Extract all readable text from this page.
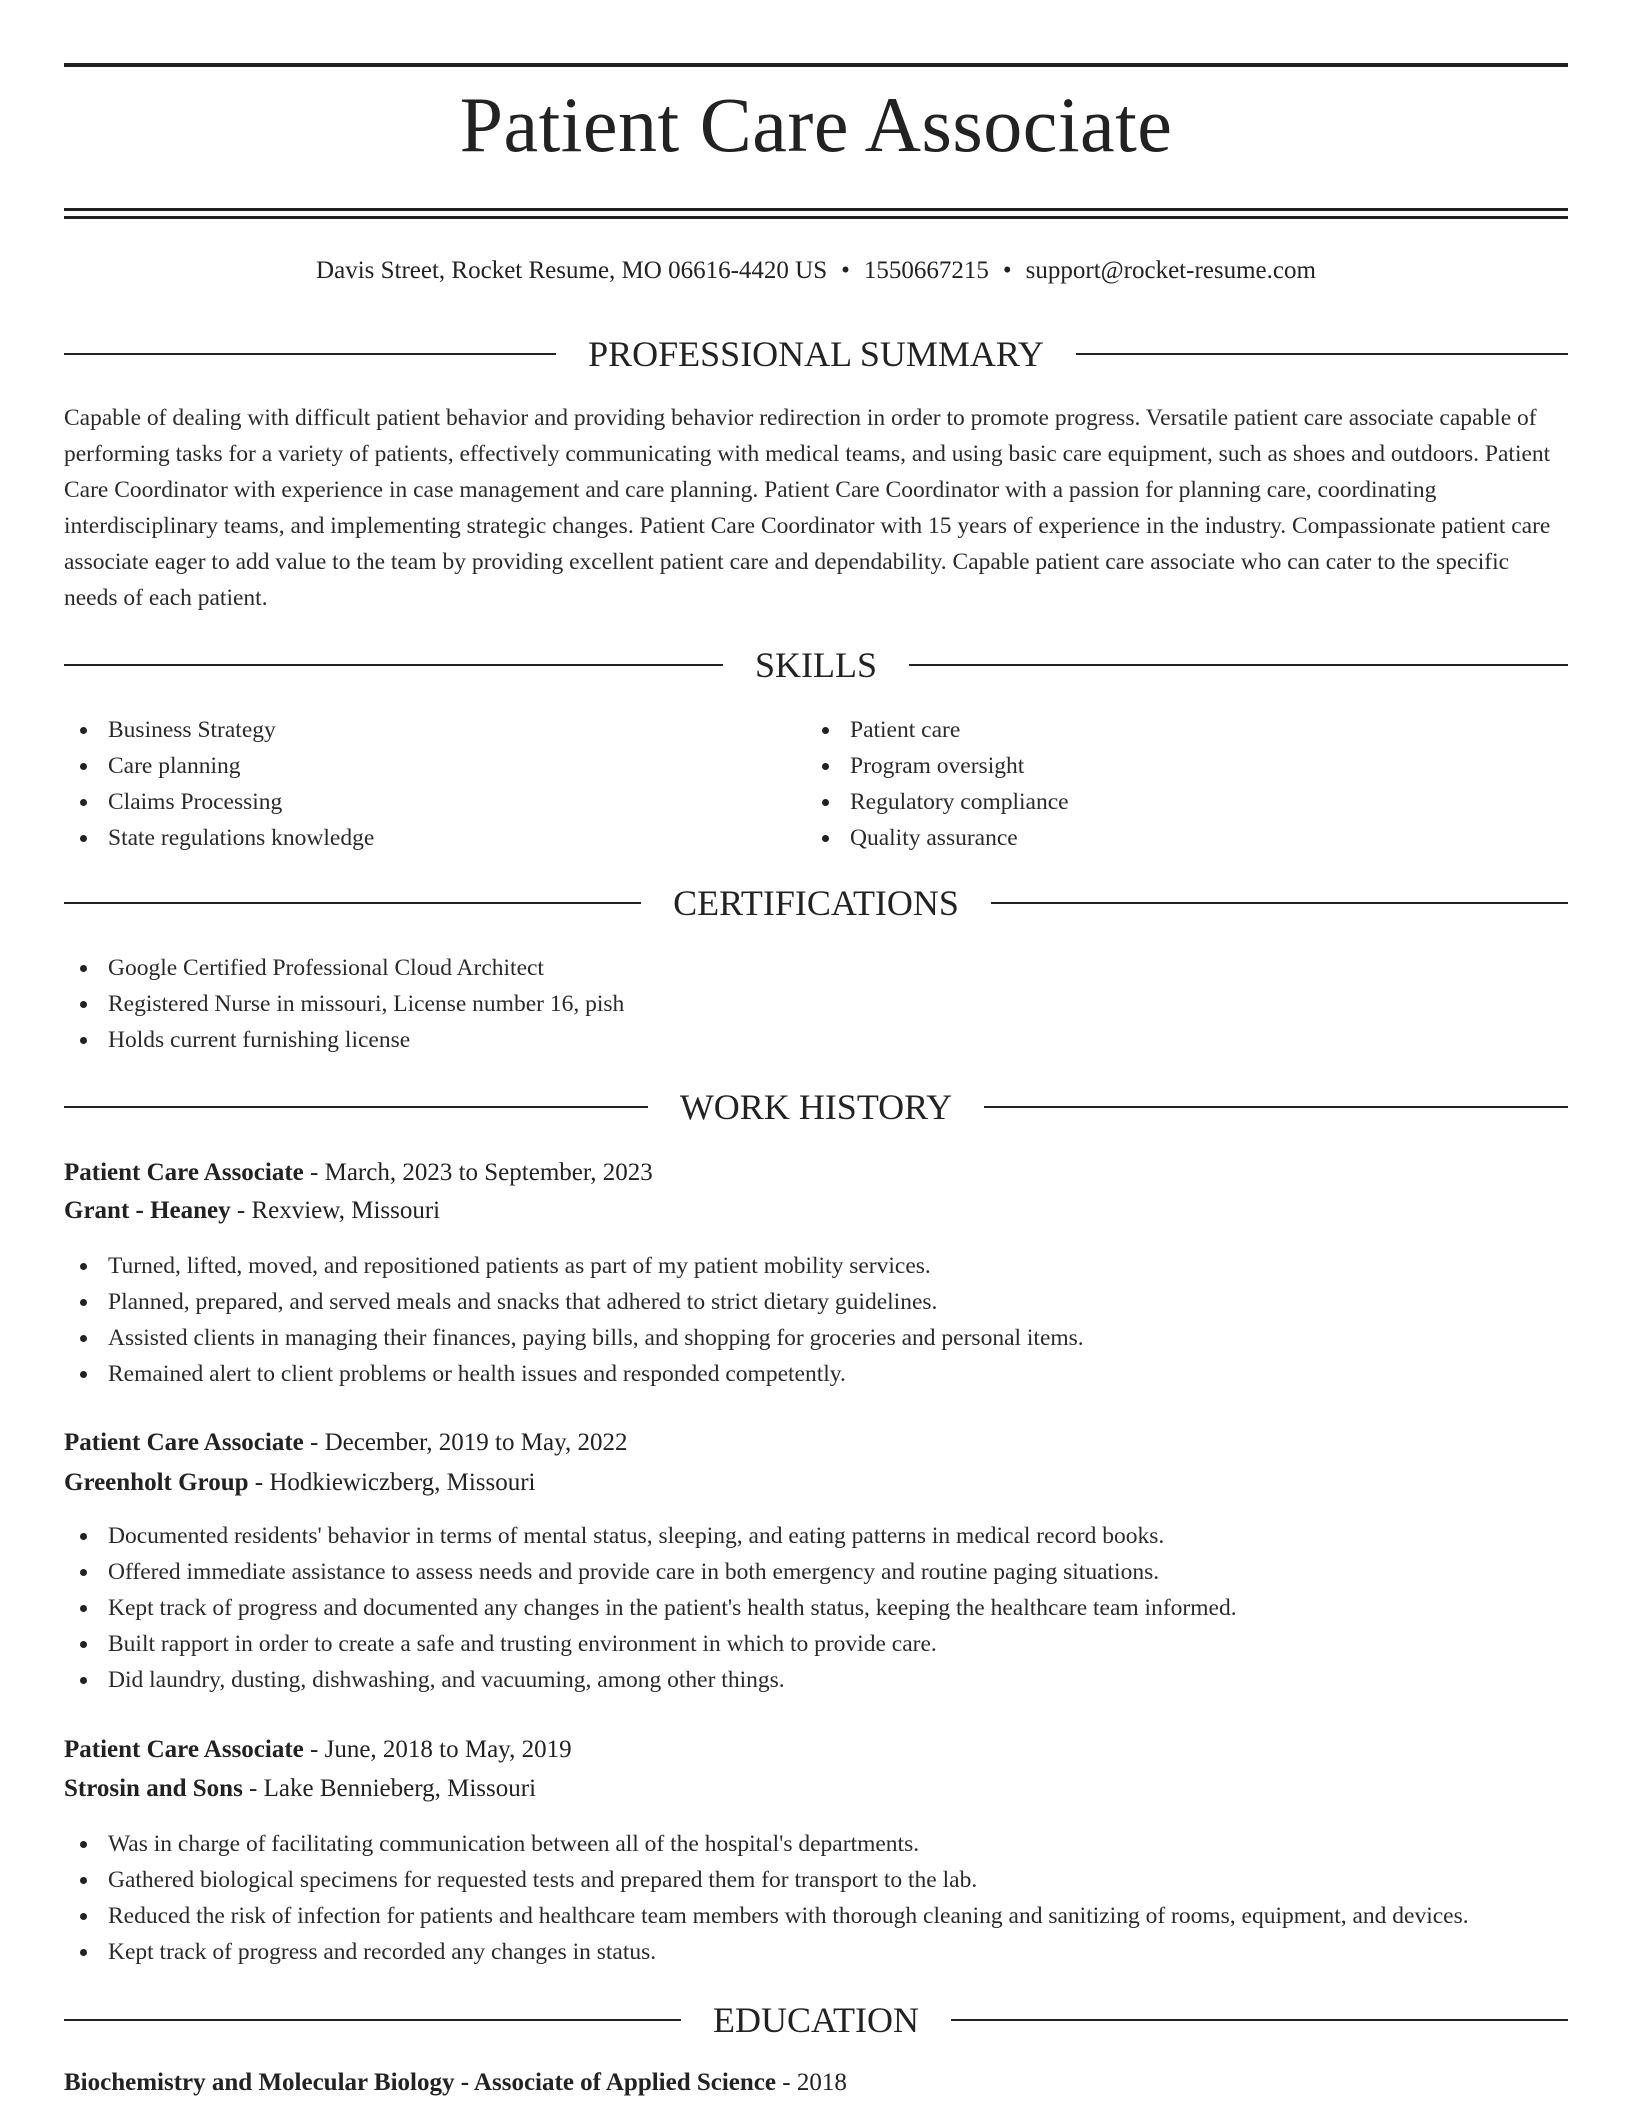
Patient Care Associate
Davis Street, Rocket Resume, MO 06616-4420 US • 1550667215 • support@rocket-resume.com
PROFESSIONAL SUMMARY
Capable of dealing with difficult patient behavior and providing behavior redirection in order to promote progress. Versatile patient care associate capable of performing tasks for a variety of patients, effectively communicating with medical teams, and using basic care equipment, such as shoes and outdoors. Patient Care Coordinator with experience in case management and care planning. Patient Care Coordinator with a passion for planning care, coordinating interdisciplinary teams, and implementing strategic changes. Patient Care Coordinator with 15 years of experience in the industry. Compassionate patient care associate eager to add value to the team by providing excellent patient care and dependability. Capable patient care associate who can cater to the specific needs of each patient.
SKILLS
Business Strategy
Care planning
Claims Processing
State regulations knowledge
Patient care
Program oversight
Regulatory compliance
Quality assurance
CERTIFICATIONS
Google Certified Professional Cloud Architect
Registered Nurse in missouri, License number 16, pish
Holds current furnishing license
WORK HISTORY
Patient Care Associate - March, 2023 to September, 2023
Grant - Heaney - Rexview, Missouri
Turned, lifted, moved, and repositioned patients as part of my patient mobility services.
Planned, prepared, and served meals and snacks that adhered to strict dietary guidelines.
Assisted clients in managing their finances, paying bills, and shopping for groceries and personal items.
Remained alert to client problems or health issues and responded competently.
Patient Care Associate - December, 2019 to May, 2022
Greenholt Group - Hodkiewiczberg, Missouri
Documented residents' behavior in terms of mental status, sleeping, and eating patterns in medical record books.
Offered immediate assistance to assess needs and provide care in both emergency and routine paging situations.
Kept track of progress and documented any changes in the patient's health status, keeping the healthcare team informed.
Built rapport in order to create a safe and trusting environment in which to provide care.
Did laundry, dusting, dishwashing, and vacuuming, among other things.
Patient Care Associate - June, 2018 to May, 2019
Strosin and Sons - Lake Bennieberg, Missouri
Was in charge of facilitating communication between all of the hospital's departments.
Gathered biological specimens for requested tests and prepared them for transport to the lab.
Reduced the risk of infection for patients and healthcare team members with thorough cleaning and sanitizing of rooms, equipment, and devices.
Kept track of progress and recorded any changes in status.
EDUCATION
Biochemistry and Molecular Biology - Associate of Applied Science - 2018
